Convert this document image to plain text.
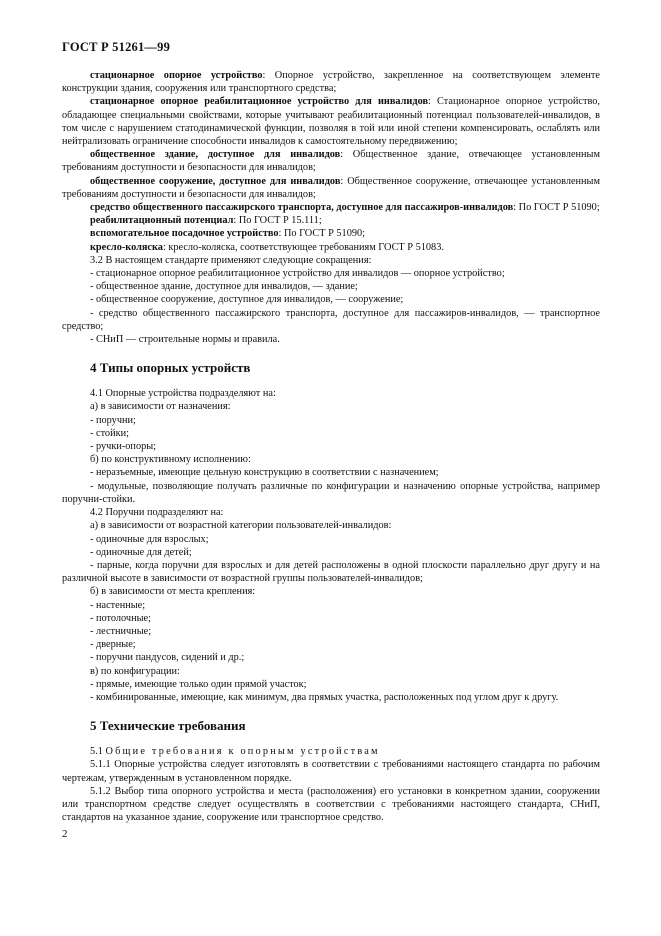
ГОСТ Р 51261—99

стационарное опорное устройство: Опорное устройство, закрепленное на соответствующем элементе конструкции здания, сооружения или транспортного средства;

стационарное опорное реабилитационное устройство для инвалидов: Стационарное опорное устройство, обладающее специальными свойствами, которые учитывают реабилитационный потенциал пользователей-инвалидов, в том числе с нарушением статодинамической функции, позволяя в той или иной степени компенсировать, ослаблять или нейтрализовать ограничение способности инвалидов к самостоятельному передвижению;

общественное здание, доступное для инвалидов: Общественное здание, отвечающее установленным требованиям доступности и безопасности для инвалидов;

общественное сооружение, доступное для инвалидов: Общественное сооружение, отвечающее установленным требованиям доступности и безопасности для инвалидов;

средство общественного пассажирского транспорта, доступное для пассажиров-инвалидов: По ГОСТ Р 51090;

реабилитационный потенциал: По ГОСТ Р 15.111;

вспомогательное посадочное устройство: По ГОСТ Р 51090;

кресло-коляска: кресло-коляска, соответствующее требованиям ГОСТ Р 51083.

3.2 В настоящем стандарте применяют следующие сокращения:

- стационарное опорное реабилитационное устройство для инвалидов — опорное устройство;

- общественное здание, доступное для инвалидов, — здание;

- общественное сооружение, доступное для инвалидов, — сооружение;

- средство общественного пассажирского транспорта, доступное для пассажиров-инвалидов, — транспортное средство;

- СНиП — строительные нормы и правила.

4 Типы опорных устройств

4.1 Опорные устройства подразделяют на:

а) в зависимости от назначения:

- поручни;

- стойки;

- ручки-опоры;

б) по конструктивному исполнению:

- неразъемные, имеющие цельную конструкцию в соответствии с назначением;

- модульные, позволяющие получать различные по конфигурации и назначению опорные устройства, например поручни-стойки.

4.2 Поручни подразделяют на:

а) в зависимости от возрастной категории пользователей-инвалидов:

- одиночные для взрослых;

- одиночные для детей;

- парные, когда поручни для взрослых и для детей расположены в одной плоскости параллельно друг другу и на различной высоте в зависимости от возрастной группы пользователей-инвалидов;

б) в зависимости от места крепления:

- настенные;

- потолочные;

- лестничные;

- дверные;

- поручни пандусов, сидений и др.;

в) по конфигурации:

- прямые, имеющие только один прямой участок;

- комбинированные, имеющие, как минимум, два прямых участка, расположенных под углом друг к другу.

5 Технические требования

5.1 Общие требования к опорным устройствам

5.1.1 Опорные устройства следует изготовлять в соответствии с требованиями настоящего стандарта по рабочим чертежам, утвержденным в установленном порядке.

5.1.2 Выбор типа опорного устройства и места (расположения) его установки в конкретном здании, сооружении или транспортном средстве следует осуществлять в соответствии с требованиями настоящего стандарта, СНиП, стандартов на указанное здание, сооружение или транспортное средство.

2
